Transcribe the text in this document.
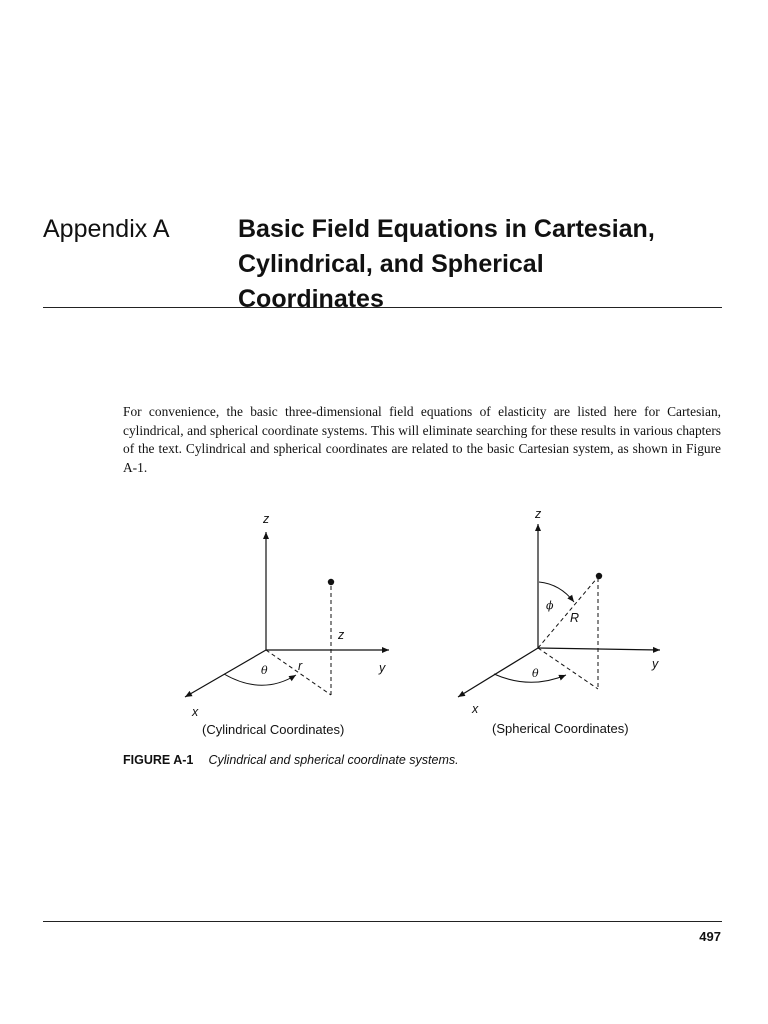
Appendix A	Basic Field Equations in Cartesian,
Cylindrical, and Spherical
Coordinates

For convenience, the basic three-dimensional field equations of elasticity are listed here for Cartesian, cylindrical, and spherical coordinate systems. This will eliminate searching for these results in various chapters of the text. Cylindrical and spherical coordinates are related to the basic Cartesian system, as shown in Figure A-1.

z
y
x
z
r
θ
(Cylindrical Coordinates)
z
y
x
R
ϕ
θ
(Spherical Coordinates)
FIGURE A-1 Cylindrical and spherical coordinate systems.
497
